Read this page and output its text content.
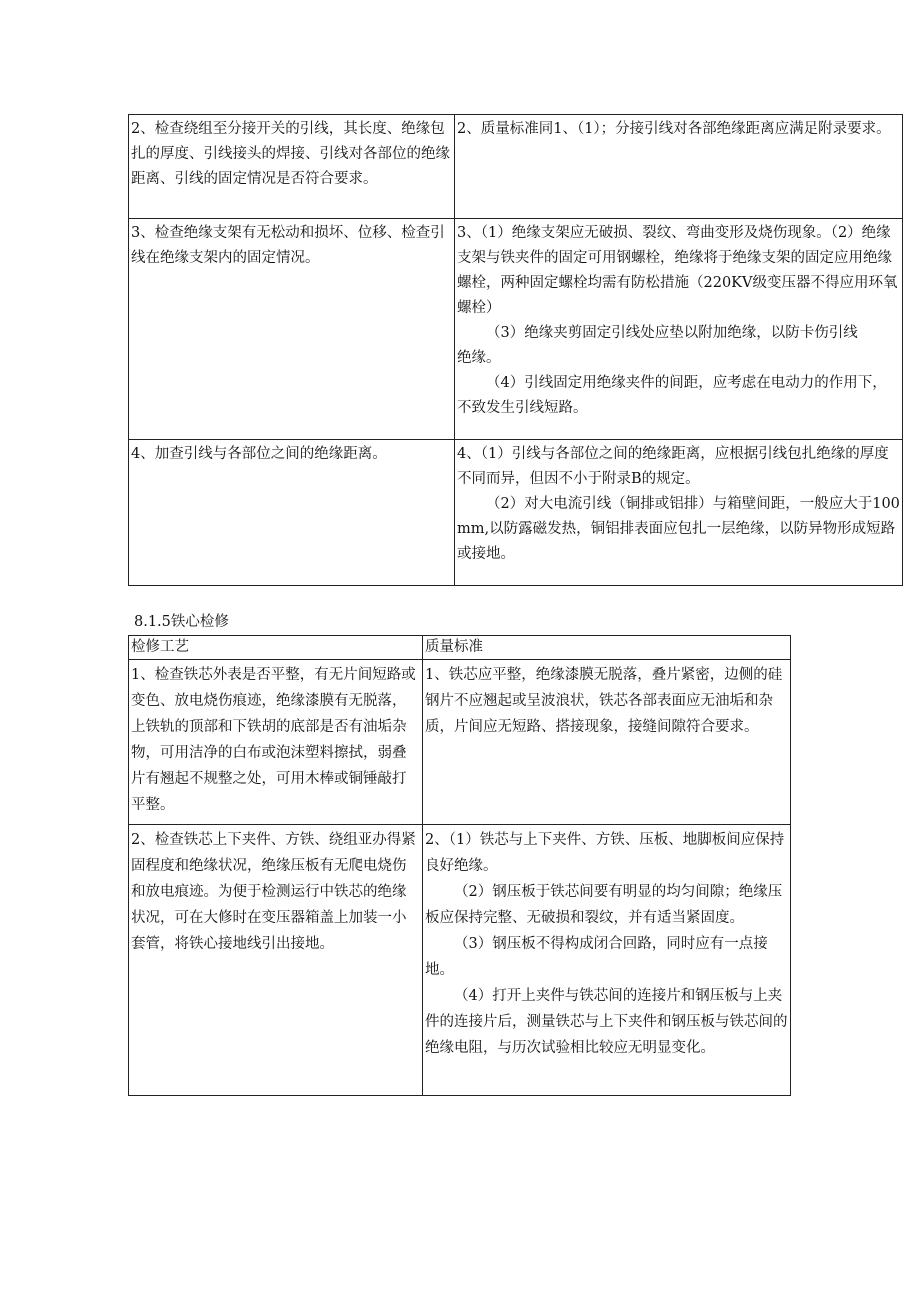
2、检查绕组至分接开关的引线，其长度、绝缘包扎的厚度、引线接头的焊接、引线对各部位的绝缘距离、引线的固定情况是否符合要求。	2、质量标准同1、（1）；分接引线对各部绝缘距离应满足附录要求。

3、检查绝缘支架有无松动和损坏、位移、检查引线在绝缘支架内的固定情况。	3、（1）绝缘支架应无破损、裂纹、弯曲变形及烧伤现象。（2）绝缘支架与铁夹件的固定可用钢螺栓，绝缘将于绝缘支架的固定应用绝缘螺栓，两种固定螺栓均需有防松措施（220KV级变压器不得应用环氧螺栓）

（3）绝缘夹剪固定引线处应垫以附加绝缘，以防卡伤引线

绝缘。

（4）引线固定用绝缘夹件的间距，应考虑在电动力的作用下，不致发生引线短路。

4、加查引线与各部位之间的绝缘距离。	4、（1）引线与各部位之间的绝缘距离，应根据引线包扎绝缘的厚度不同而异，但因不小于附录B的规定。

（2）对大电流引线（铜排或铝排）与箱壁间距，一般应大于100mm,以防露磁发热，铜铝排表面应包扎一层绝缘，以防异物形成短路或接地。

8.1.5铁心检修
检修工艺	质量标准

1、检查铁芯外表是否平整，有无片间短路或变色、放电烧伤痕迹，绝缘漆膜有无脱落，上铁轨的顶部和下铁胡的底部是否有油垢杂物，可用洁净的白布或泡沫塑料擦拭，弱叠片有翘起不规整之处，可用木棒或铜锤敲打平整。	1、铁芯应平整，绝缘漆膜无脱落，叠片紧密，边侧的硅钢片不应翘起或呈波浪状，铁芯各部表面应无油垢和杂质，片间应无短路、搭接现象，接缝间隙符合要求。

2、检查铁芯上下夹件、方铁、绕组亚办得紧固程度和绝缘状况，绝缘压板有无爬电烧伤和放电痕迹。为便于检测运行中铁芯的绝缘状况，可在大修时在变压器箱盖上加装一小套管，将铁心接地线引出接地。	2、（1）铁芯与上下夹件、方铁、压板、地脚板间应保持良好绝缘。

（2）钢压板于铁芯间要有明显的均匀间隙；绝缘压板应保持完整、无破损和裂纹，并有适当紧固度。

（3）钢压板不得构成闭合回路，同时应有一点接地。

（4）打开上夹件与铁芯间的连接片和钢压板与上夹件的连接片后，测量铁芯与上下夹件和钢压板与铁芯间的绝缘电阻，与历次试验相比较应无明显变化。
